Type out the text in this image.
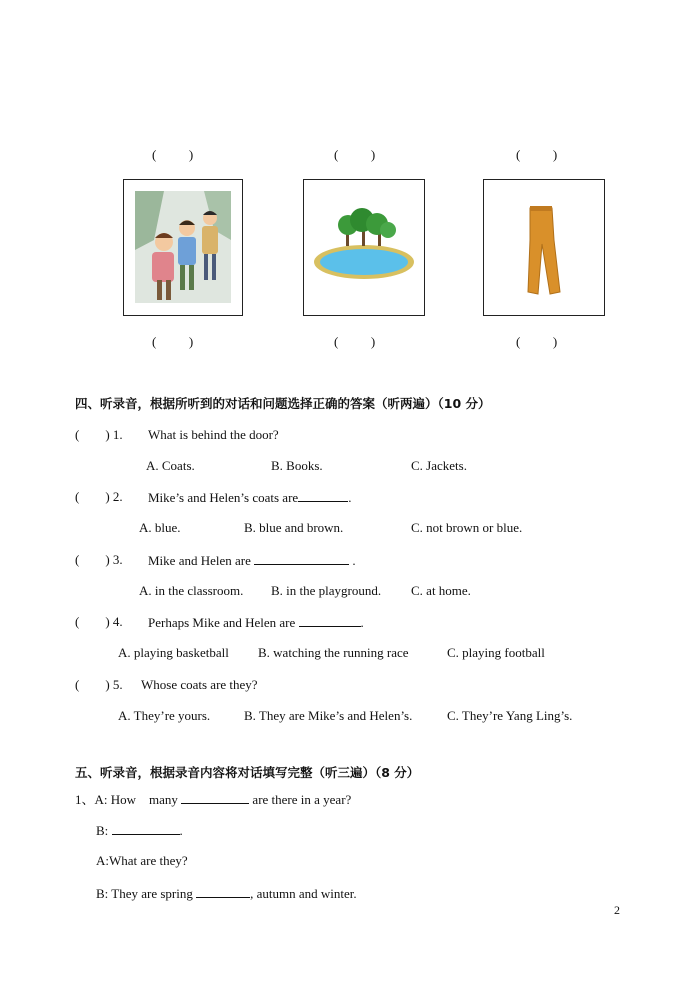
(          )	(          )	(          )
(          )	(          )	(          )
四、听录音，根据所听到的对话和问题选择正确的答案（听两遍）（10 分）
(        ) 1. What is behind the door?
A. Coats.	B. Books.	C. Jackets.
(        ) 2. Mike’s and Helen’s coats are	.
A. blue.	B. blue and brown.	C. not brown or blue.
(        ) 3. Mike and Helen are	.
A. in the classroom. B. in the playground. C. at home.
(        ) 4. Perhaps Mike and Helen are	.
A. playing basketball B. watching the running race	C. playing football
(        ) 5. Whose coats are they?
A. They’re yours.	B. They are Mike’s and Helen’s.	C. They’re Yang Ling’s.
五、听录音，根据录音内容将对话填写完整（听三遍）（8 分）
1、A: How    many	are there in a year?
B:	.
A:What are they?
B: They are spring	, autumn and winter.
2
